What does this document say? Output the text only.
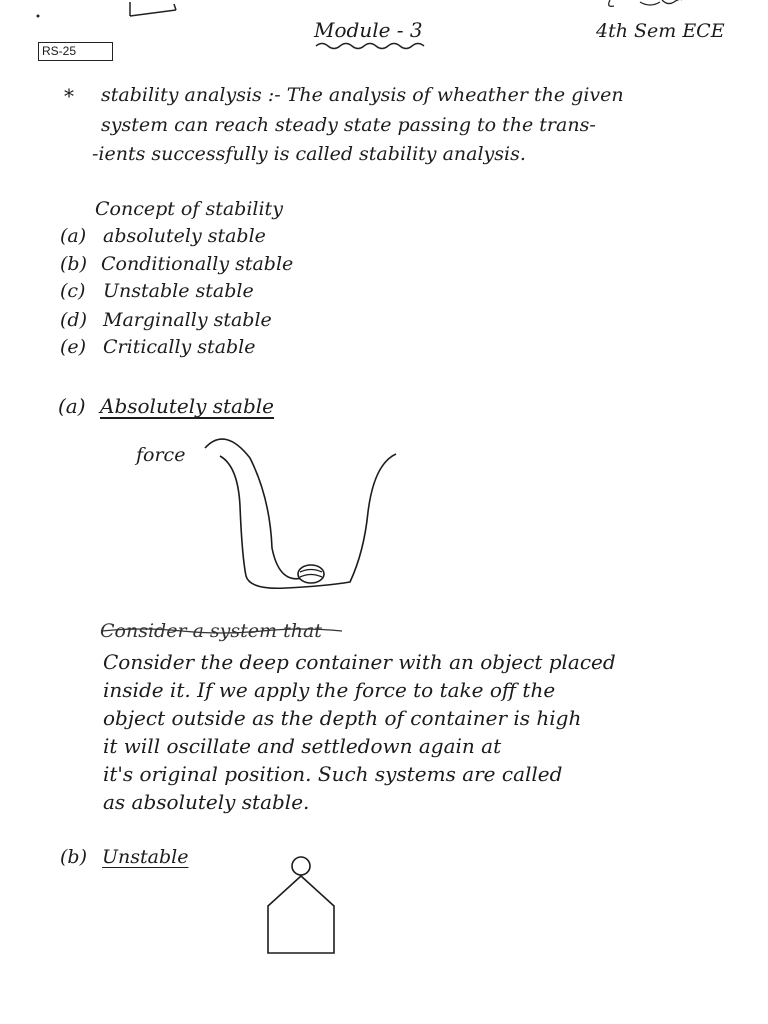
Module - 3	4th Sem ECE
RS-25
* stability analysis :- The analysis of wheather the given
system can reach steady state passing to the trans-
-ients successfully is called stability analysis.
Concept of stability
(a) absolutely stable
(b) Conditionally stable
(c) Unstable stable
(d) Marginally stable
(e) Critically stable
(a) Absolutely stable
force
Consider a system that
Consider the deep container with an object placed
inside it. If we apply the force to take off the
object outside as the depth of container is high
it will oscillate and settledown again at
it's original position. Such systems are called
as absolutely stable.
(b) Unstable
